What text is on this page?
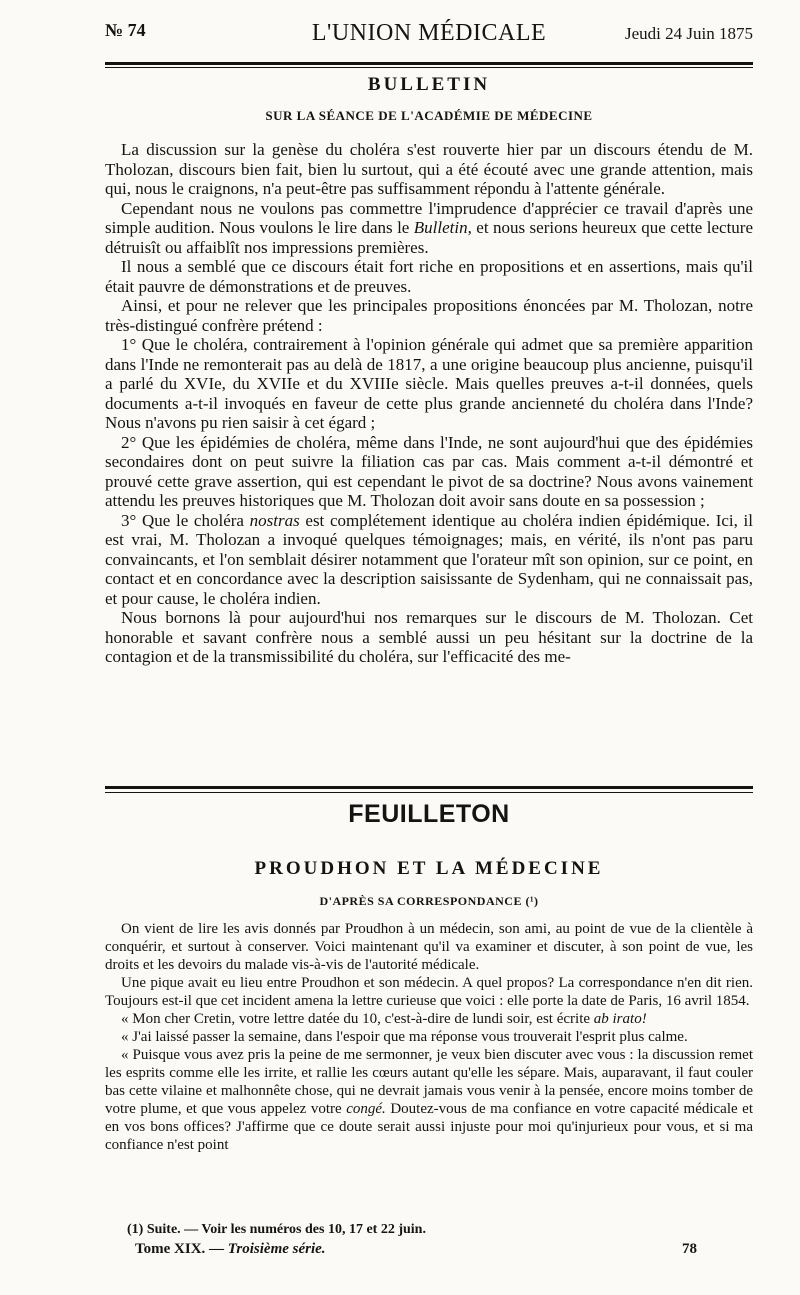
№ 74	L'UNION MÉDICALE	Jeudi 24 Juin 1875
BULLETIN
SUR LA SÉANCE DE L'ACADÉMIE DE MÉDECINE

La discussion sur la genèse du choléra s'est rouverte hier par un discours étendu de M. Tholozan, discours bien fait, bien lu surtout, qui a été écouté avec une grande attention, mais qui, nous le craignons, n'a peut-être pas suffisamment répondu à l'attente générale.

Cependant nous ne voulons pas commettre l'imprudence d'apprécier ce travail d'après une simple audition. Nous voulons le lire dans le Bulletin, et nous serions heureux que cette lecture détruisît ou affaiblît nos impressions premières.

Il nous a semblé que ce discours était fort riche en propositions et en assertions, mais qu'il était pauvre de démonstrations et de preuves.

Ainsi, et pour ne relever que les principales propositions énoncées par M. Tholozan, notre très-distingué confrère prétend :

1° Que le choléra, contrairement à l'opinion générale qui admet que sa première apparition dans l'Inde ne remonterait pas au delà de 1817, a une origine beaucoup plus ancienne, puisqu'il a parlé du XVIe, du XVIIe et du XVIIIe siècle. Mais quelles preuves a-t-il données, quels documents a-t-il invoqués en faveur de cette plus grande ancienneté du choléra dans l'Inde? Nous n'avons pu rien saisir à cet égard ;

2° Que les épidémies de choléra, même dans l'Inde, ne sont aujourd'hui que des épidémies secondaires dont on peut suivre la filiation cas par cas. Mais comment a-t-il démontré et prouvé cette grave assertion, qui est cependant le pivot de sa doctrine? Nous avons vainement attendu les preuves historiques que M. Tholozan doit avoir sans doute en sa possession ;

3° Que le choléra nostras est complétement identique au choléra indien épidémique. Ici, il est vrai, M. Tholozan a invoqué quelques témoignages; mais, en vérité, ils n'ont pas paru convaincants, et l'on semblait désirer notamment que l'orateur mît son opinion, sur ce point, en contact et en concordance avec la description saisissante de Sydenham, qui ne connaissait pas, et pour cause, le choléra indien.

Nous bornons là pour aujourd'hui nos remarques sur le discours de M. Tholozan. Cet honorable et savant confrère nous a semblé aussi un peu hésitant sur la doctrine de la contagion et de la transmissibilité du choléra, sur l'efficacité des me-

FEUILLETON
PROUDHON ET LA MÉDECINE
D'APRÈS SA CORRESPONDANCE (¹)

On vient de lire les avis donnés par Proudhon à un médecin, son ami, au point de vue de la clientèle à conquérir, et surtout à conserver. Voici maintenant qu'il va examiner et discuter, à son point de vue, les droits et les devoirs du malade vis-à-vis de l'autorité médicale.

Une pique avait eu lieu entre Proudhon et son médecin. A quel propos? La correspondance n'en dit rien. Toujours est-il que cet incident amena la lettre curieuse que voici : elle porte la date de Paris, 16 avril 1854.

« Mon cher Cretin, votre lettre datée du 10, c'est-à-dire de lundi soir, est écrite ab irato!

« J'ai laissé passer la semaine, dans l'espoir que ma réponse vous trouverait l'esprit plus calme.

« Puisque vous avez pris la peine de me sermonner, je veux bien discuter avec vous : la discussion remet les esprits comme elle les irrite, et rallie les cœurs autant qu'elle les sépare. Mais, auparavant, il faut couler bas cette vilaine et malhonnête chose, qui ne devrait jamais vous venir à la pensée, encore moins tomber de votre plume, et que vous appelez votre congé. Doutez-vous de ma confiance en votre capacité médicale et en vos bons offices? J'affirme que ce doute serait aussi injuste pour moi qu'injurieux pour vous, et si ma confiance n'est point

(1) Suite. — Voir les numéros des 10, 17 et 22 juin.
Tome XIX. — Troisième série.	78
